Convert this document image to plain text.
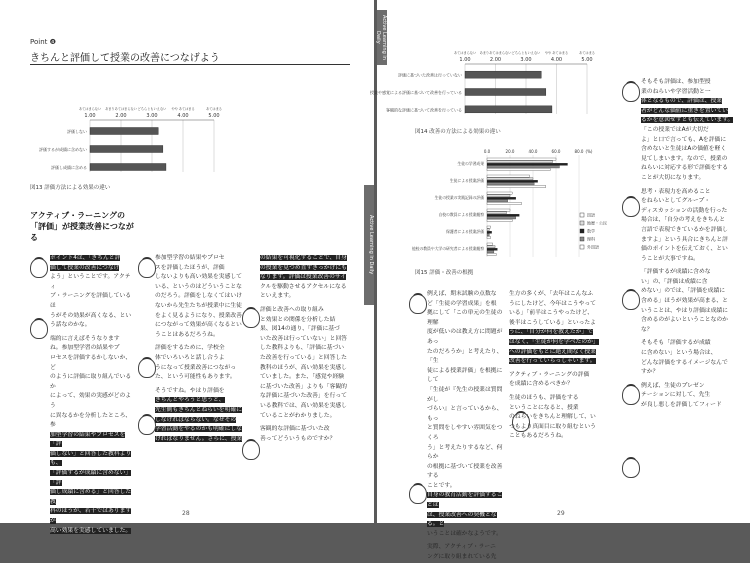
Active Learning in Daily
Point ❹
きちんと評価して授業の改善につなげよう
あてはまらない あまりあてはまらない どちらともいえない やや あてはまる	あてはまる
1.00	2.00	3.00	4.00	5.00
評価しない
評価するが成績に含めない
評価し成績に含める
図13 評価方法による効果の違い
アクティブ・ラーニングの
「評価」が授業改善につなが
る
ポイント4は、「きちんと評
価して授業の改善につなげ
よう」ということです。アクティ
ブ・ラーニングを評価しているほ
うがその効果が高くなる、とい
う話なのかな。
端的に言えばそうなります
ね。参加型学習の結果やプ
ロセスを評価するかしないか、ど
のように評価に取り組んでいるか
によって、効果の実感がどのよう
に異なるかを分析したところ、参
加型学習の結果やプロセスを「評
価しない」と回答した教科よりも、
「評価するが成績に含めない」「評
価し成績に含める」と回答した教
科のほうが、若干ではありますが
高い効果を実感していました。
参加型学習の結果やプロセ
スを評価したほうが、評価
しないよりも高い効果を実感して
いる、というのはどういうことな
のだろう。評価をしなくてはいけ
ないから先生たちが授業中に生徒
をよく見るようになり、授業改善
につながって効果が高くなるとい
うことはあるだろうね。
評価をするために、学校全
体でいろいろと話し合うよ
うになって授業改善につながっ
た、という可能性もあります。
そうですね。やはり評価を
きちんとやろうと思うと、
先生側もきちんとねらいを明確に
しなければならない。なぜその
学習活動をやるのかも明確にしな
ければなりません。さらに、授業
の結果を可視化することで、自身
の授業を見つめ直すきっかけにも
なります。評価は授業改善のサイ
クルを駆動させるアクセルになる
といえます。
評価と改善への取り組み
と効果との関係を分析した結
果、図14の通り、「評価に基づ
いた改善は行っていない」と回答
した教科よりも、「評価に基づい
た改善を行っている」と回答した
教科のほうが、高い効果を実感し
ていました。また、「感覚や経験
に基づいた改善」よりも「客観的
な評価に基づいた改善」を行って
いる教科では、高い効果を実感し
ていることがわかりました。
客観的な評価に基づいた改
善ってどういうものですか？
28
Active Learning in Daily
あてはまらない あまりあてはまらない どちらともいえない やや あてはまる	あてはまる
1.00	2.00	3.00	4.00	5.00
評価に基づいた改善は行っていない
授業や感覚による評価に基づいて改善を行っている
客観的な評価に基づいて改善を行っている
図14 改善の方法による効果の違い
0.0	20.0	40.0	60.0	80.0 (%)
生徒の学習成果
生徒による授業評価
生徒の授業の実践記録の評価
自校の教員による授業観察
保護者による授業評価
他校の教員や大学の研究者による授業観察
国語
地歴・公民
数学
理科
外国語
図15 評価・改善の根拠
例えば、期末試験の点数な
ど「生徒の学習成果」を根
拠にして「この単元の生徒の理解
度が低いのは教え方に問題があっ
たのだろうか」と考えたり、「生
徒による授業評価」を根拠にして
「生徒が『先生の授業は質問がし
づらい』と言っているから、もっ
と質問をしやすい雰囲気をつくろ
う」と考えたりするなど、何らか
の根拠に基づいて授業を改善する
ことです。
自身の教育活動を評価することは
は、授業改善への契機となる。と
いうことは確かなようです。
実際、アクティブ・ラーニ
ングに取り組まれている先
生方の多くが、「去年はこんなふ
うにしたけど、今年はこうやって
いる」「前半はこうやったけど、
後半はこうしている」といったよ
うに、「自分が何を教えたか」で
はなく、「生徒が何を学べたのか」
への評価をもとに絶え間なく授業
改善を行っていらっしゃいます。
アクティブ・ラーニングの評価
を成績に含めるべきか？
生徒のほうも、評価をする
ということになると、授業
のねらいをきちんと理解して、い
つもより真面目に取り組むという
こともあるだろうね。
そもそも評価は、参加型授
業のねらいや学習活動と一
体となるもので、評価は、授業
者がどんな価値に重きを置いてい
るかを意図せずとも伝えています。
「この授業ではAが大切だ
よ」と口で言っても、Aを評価に
含めないと生徒はAの価値を軽く
見てしまいます。なので、授業の
ねらいに対応する形で評価をする
ことが大切になります。
思考・表現力を高めること
をねらいとしてグループ・
ディスカッションの活動を行った
場合は、「自分の考えをきちんと
言語で表現できているかを評価し
ますよ」という具合にきちんと評
価のポイントを伝えておく、とい
うことが大事ですね。
「評価するが成績に含めな
い」の、「評価は成績に含
めない」のでは、「評価を成績に
含める」ほうが効果が高まる、と
いうことは、やはり評価は成績に
含めるのがよいということなのか
な？
そもそも「評価するが成績
に含めない」という場合は、
どんな評価をするイメージなんで
すか？
例えば、生徒のプレゼン
テーションに対して、先生
が良し悪しを評価してフィード
29
